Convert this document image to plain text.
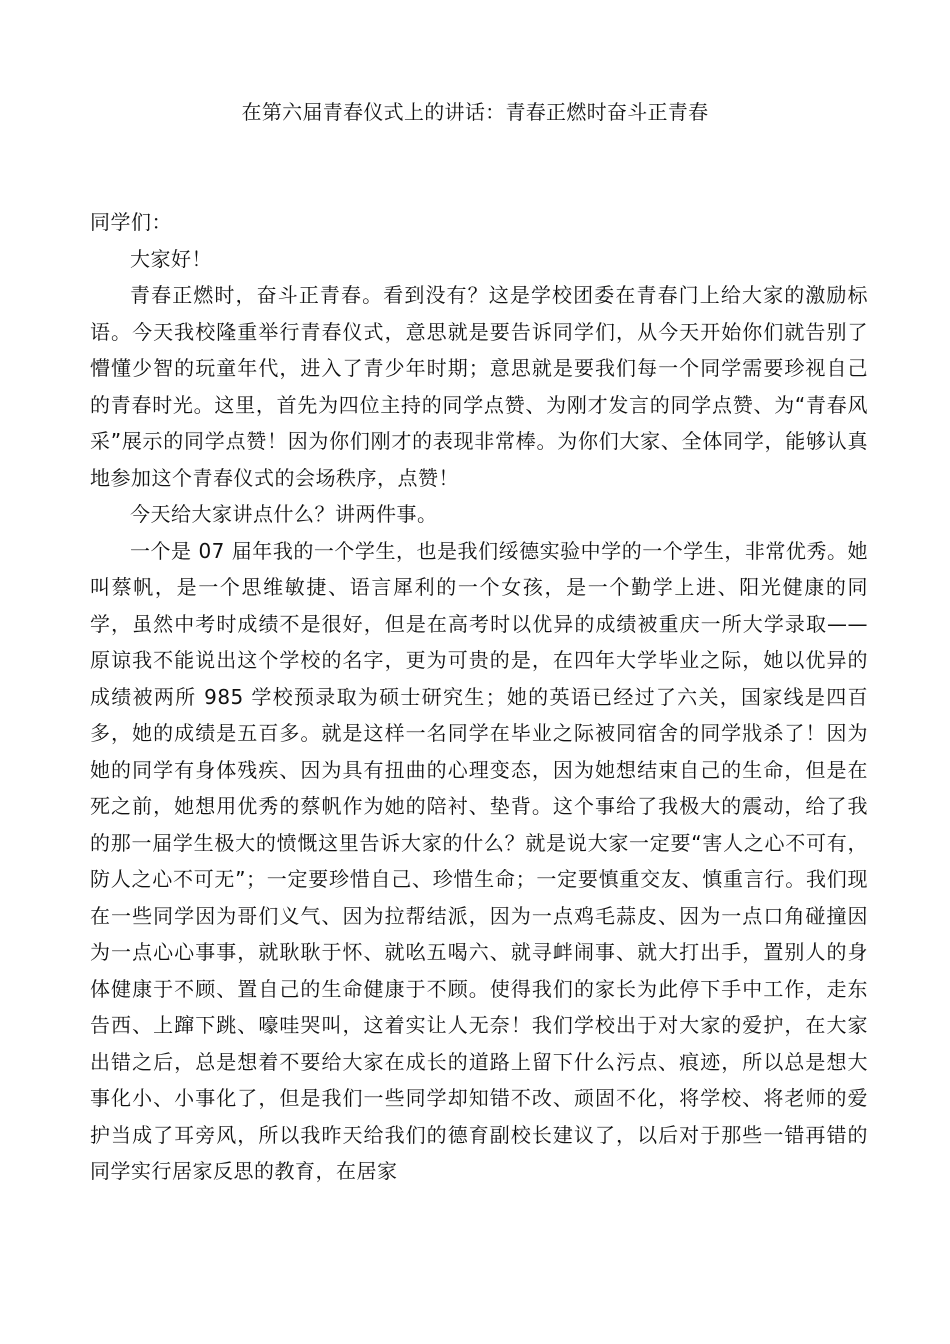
在第六届青春仪式上的讲话：青春正燃时奋斗正青春

同学们：

大家好！

青春正燃时，奋斗正青春。看到没有？这是学校团委在青春门上给大家的激励标语。今天我校隆重举行青春仪式，意思就是要告诉同学们，从今天开始你们就告别了懵懂少智的玩童年代，进入了青少年时期；意思就是要我们每一个同学需要珍视自己的青春时光。这里，首先为四位主持的同学点赞、为刚才发言的同学点赞、为“青春风采”展示的同学点赞！因为你们刚才的表现非常棒。为你们大家、全体同学，能够认真地参加这个青春仪式的会场秩序，点赞！

今天给大家讲点什么？讲两件事。

一个是 07 届年我的一个学生，也是我们绥德实验中学的一个学生，非常优秀。她叫蔡帆，是一个思维敏捷、语言犀利的一个女孩，是一个勤学上进、阳光健康的同学，虽然中考时成绩不是很好，但是在高考时以优异的成绩被重庆一所大学录取——原谅我不能说出这个学校的名字，更为可贵的是，在四年大学毕业之际，她以优异的成绩被两所 985 学校预录取为硕士研究生；她的英语已经过了六关，国家线是四百多，她的成绩是五百多。就是这样一名同学在毕业之际被同宿舍的同学戕杀了！因为她的同学有身体残疾、因为具有扭曲的心理变态，因为她想结束自己的生命，但是在死之前，她想用优秀的蔡帆作为她的陪衬、垫背。这个事给了我极大的震动，给了我的那一届学生极大的愤慨这里告诉大家的什么？就是说大家一定要“害人之心不可有，防人之心不可无”；一定要珍惜自己、珍惜生命；一定要慎重交友、慎重言行。我们现在一些同学因为哥们义气、因为拉帮结派，因为一点鸡毛蒜皮、因为一点口角碰撞因为一点心心事事，就耿耿于怀、就吆五喝六、就寻衅闹事、就大打出手，置别人的身体健康于不顾、置自己的生命健康于不顾。使得我们的家长为此停下手中工作，走东告西、上蹿下跳、嚎哇哭叫，这着实让人无奈！我们学校出于对大家的爱护，在大家出错之后，总是想着不要给大家在成长的道路上留下什么污点、痕迹，所以总是想大事化小、小事化了，但是我们一些同学却知错不改、顽固不化，将学校、将老师的爱护当成了耳旁风，所以我昨天给我们的德育副校长建议了，以后对于那些一错再错的同学实行居家反思的教育，在居家
